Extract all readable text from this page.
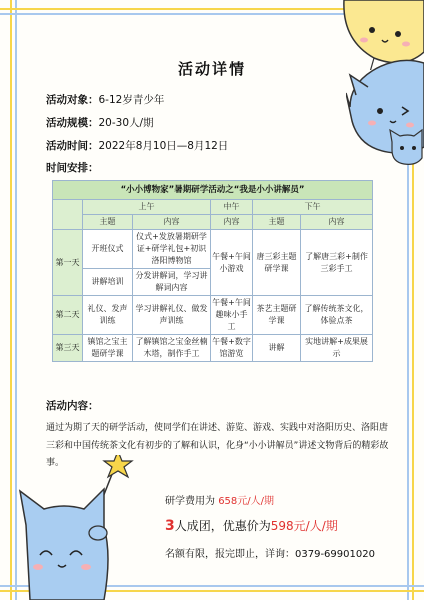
活动详情
活动对象：6-12岁青少年
活动规模：20-30人/期
活动时间：2022年8月10日—8月12日
时间安排：
“小小博物家”暑期研学活动之“我是小小讲解员”					
	上午		中午	下午	
	主题	内容	内容	主题	内容
第一天	开班仪式	仪式+发放暑期研学证+研学礼包+初识洛阳博物馆	午餐+午间小游戏	唐三彩主题研学课	了解唐三彩+制作三彩手工
	讲解培训	分发讲解词，学习讲解词内容			
第二天	礼仪、发声训练	学习讲解礼仪、做发声训练	午餐+午间趣味小手工	茶艺主题研学课	了解传统茶文化，体验点茶
第三天	镇馆之宝主题研学课	了解镇馆之宝金丝楠木塔，制作手工	午餐+数字馆游览	讲解	实地讲解+成果展示
活动内容：
通过为期了天的研学活动，使同学们在讲述、游览、游戏、实践中对洛阳历史、洛阳唐三彩和中国传统茶文化有初步的了解和认识，化身“小小讲解员”讲述文物背后的精彩故事。
研学费用为 658元/人/期
3人成团，优惠价为598元/人/期
名额有限，报完即止，详询：0379-69901020
